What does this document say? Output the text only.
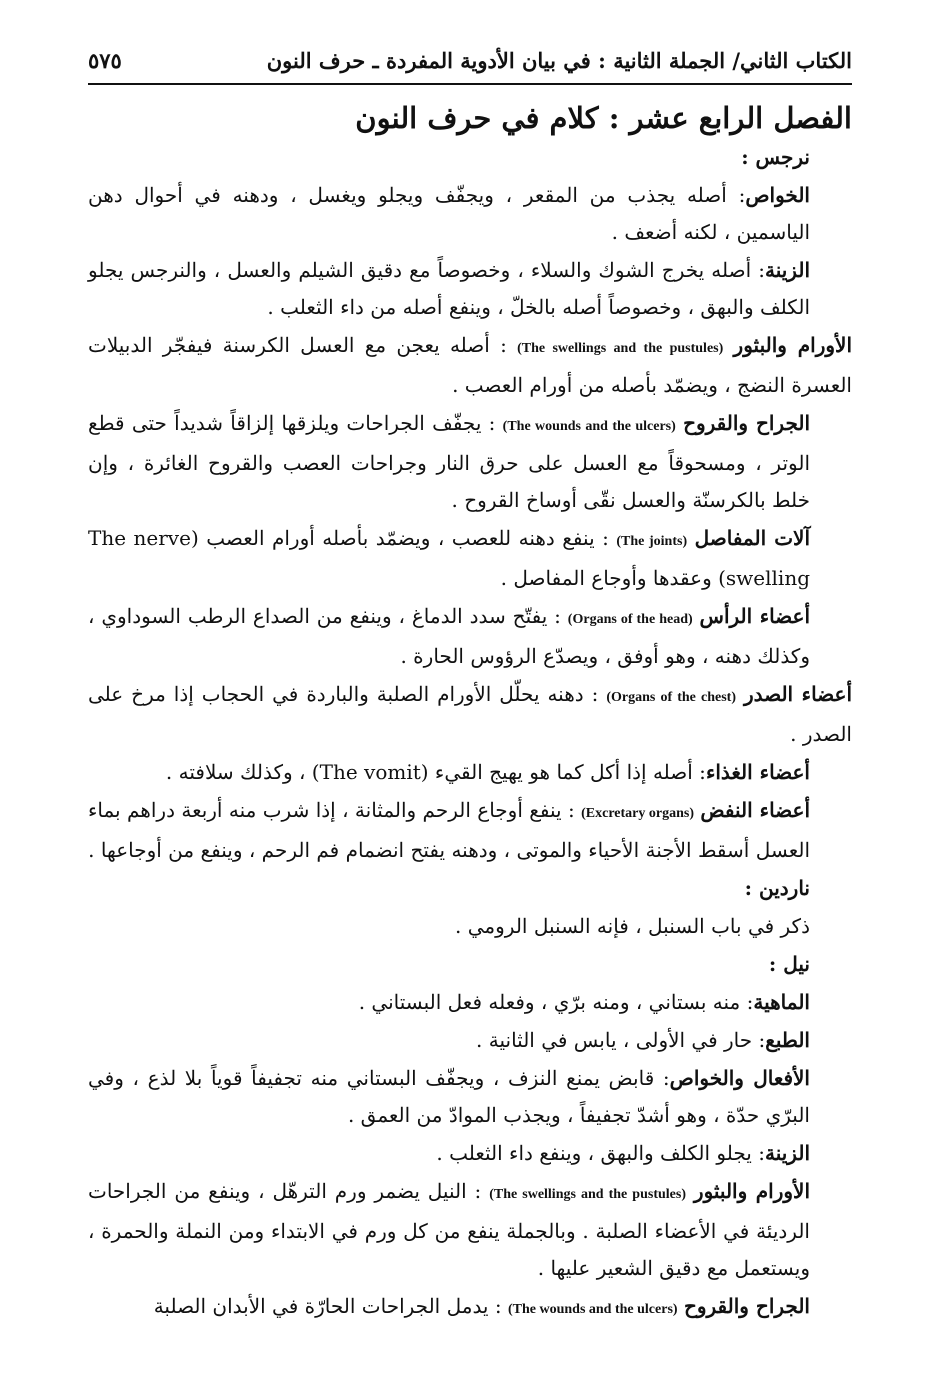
الكتاب الثاني/ الجملة الثانية : في بيان الأدوية المفردة ـ حرف النون
٥٧٥
الفصل الرابع عشر : كلام في حرف النون
نرجس :
الخواص: أصله يجذب من المقعر ، ويجفّف ويجلو ويغسل ، ودهنه في أحوال دهن الياسمين ، لكنه أضعف .
الزينة: أصله يخرج الشوك والسلاء ، وخصوصاً مع دقيق الشيلم والعسل ، والنرجس يجلو الكلف والبهق ، وخصوصاً أصله بالخلّ ، وينفع أصله من داء الثعلب .
الأورام والبثور (The swellings and the pustules) : أصله يعجن مع العسل الكرسنة فيفجّر الدبيلات العسرة النضج ، ويضمّد بأصله من أورام العصب .
الجراح والقروح (The wounds and the ulcers) : يجفّف الجراحات ويلزقها إلزاقاً شديداً حتى قطع الوتر ، ومسحوقاً مع العسل على حرق النار وجراحات العصب والقروح الغائرة ، وإن خلط بالكرسنّة والعسل نقّى أوساخ القروح .
آلات المفاصل (The joints) : ينفع دهنه للعصب ، ويضمّد بأصله أورام العصب (The nerve swelling) وعقدها وأوجاع المفاصل .
أعضاء الرأس (Organs of the head) : يفتّح سدد الدماغ ، وينفع من الصداع الرطب السوداوي ، وكذلك دهنه ، وهو أوفق ، ويصدّع الرؤوس الحارة .
أعضاء الصدر (Organs of the chest) : دهنه يحلّل الأورام الصلبة والباردة في الحجاب إذا مرخ على الصدر .
أعضاء الغذاء: أصله إذا أكل كما هو يهيج القيء (The vomit) ، وكذلك سلافته .
أعضاء النفض (Excretary organs) : ينفع أوجاع الرحم والمثانة ، إذا شرب منه أربعة دراهم بماء العسل أسقط الأجنة الأحياء والموتى ، ودهنه يفتح انضمام فم الرحم ، وينفع من أوجاعها .
ناردين :
ذكر في باب السنبل ، فإنه السنبل الرومي .
نيل :
الماهية: منه بستاني ، ومنه برّي ، وفعله فعل البستاني .
الطبع: حار في الأولى ، يابس في الثانية .
الأفعال والخواص: قابض يمنع النزف ، ويجفّف البستاني منه تجفيفاً قوياً بلا لذع ، وفي البرّي حدّة ، وهو أشدّ تجفيفاً ، ويجذب الموادّ من العمق .
الزينة: يجلو الكلف والبهق ، وينفع داء الثعلب .
الأورام والبثور (The swellings and the pustules) : النيل يضمر ورم الترهّل ، وينفع من الجراحات الرديئة في الأعضاء الصلبة . وبالجملة ينفع من كل ورم في الابتداء ومن النملة والحمرة ، ويستعمل مع دقيق الشعير عليها .
الجراح والقروح (The wounds and the ulcers) : يدمل الجراحات الحارّة في الأبدان الصلبة
